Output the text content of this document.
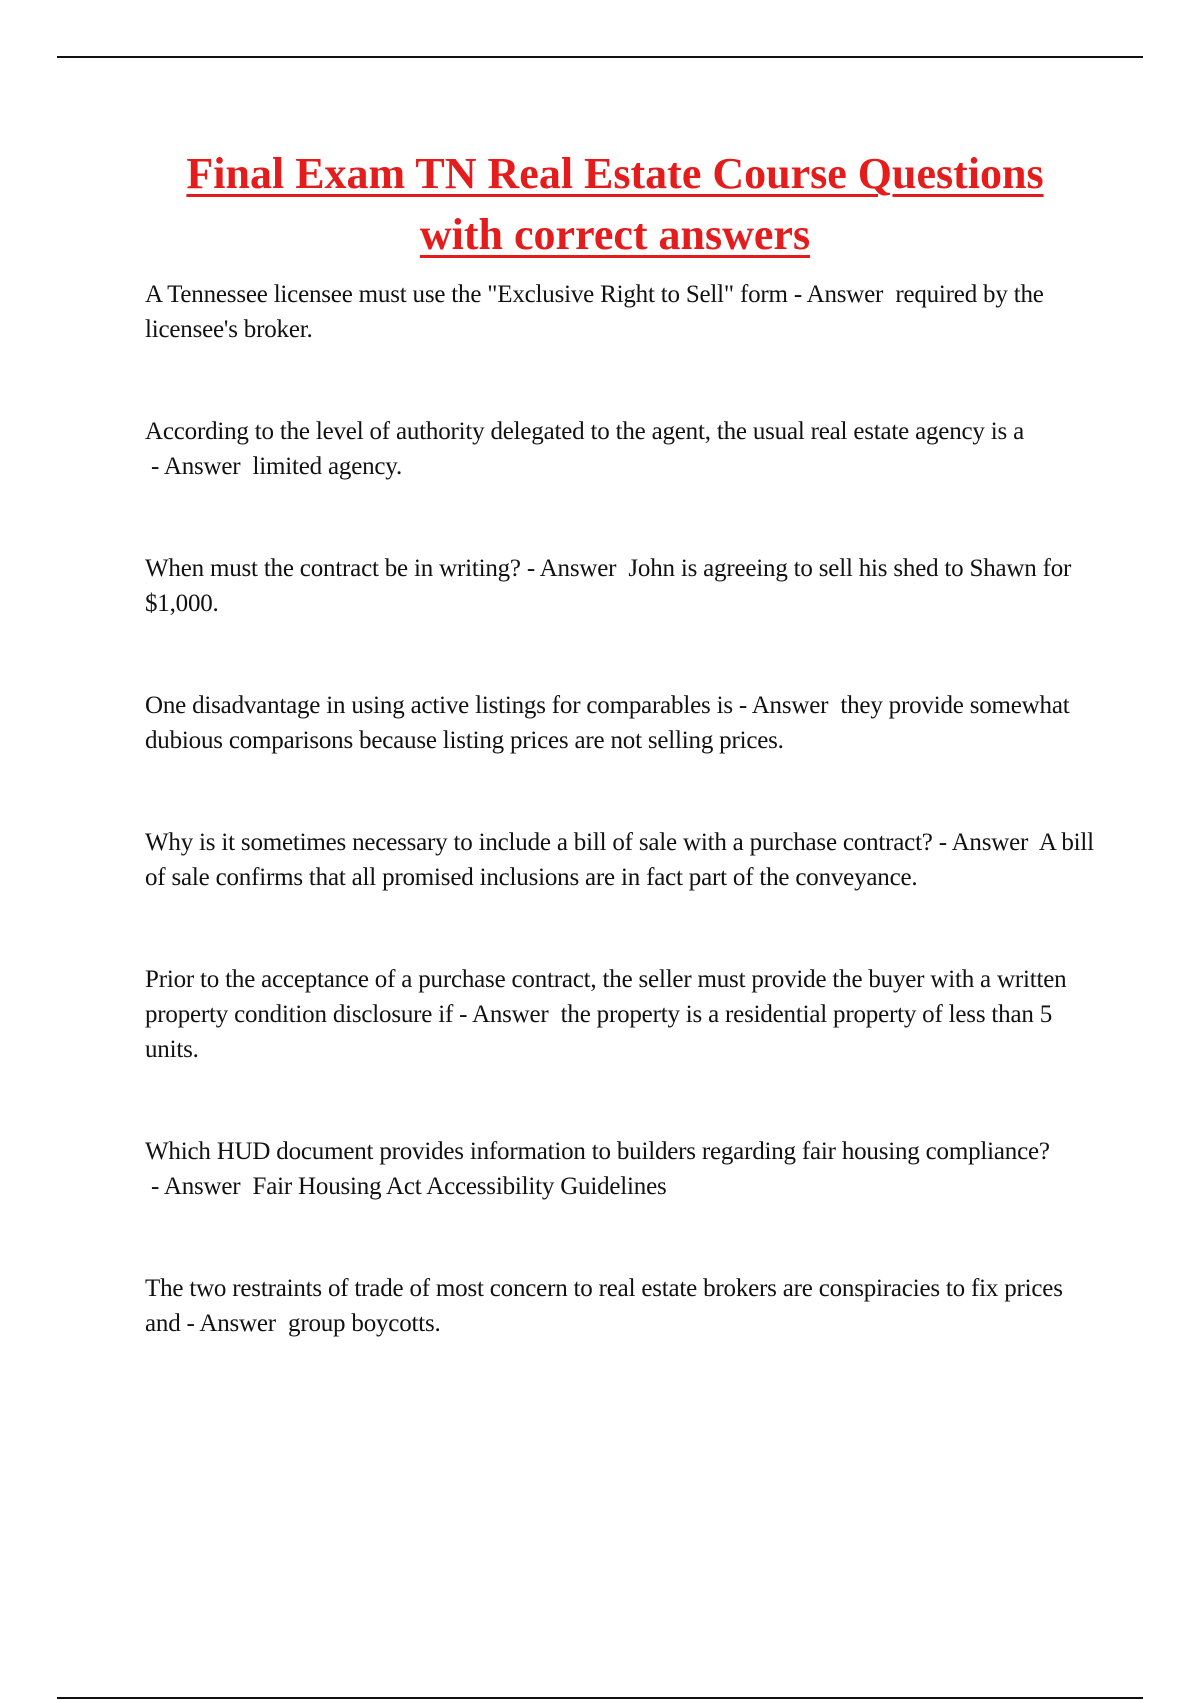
Final Exam TN Real Estate Course Questions with correct answers

A Tennessee licensee must use the "Exclusive Right to Sell" form - Answer  required by the licensee's broker.

According to the level of authority delegated to the agent, the usual real estate agency is a - Answer  limited agency.

When must the contract be in writing? - Answer  John is agreeing to sell his shed to Shawn for $1,000.

One disadvantage in using active listings for comparables is - Answer  they provide somewhat dubious comparisons because listing prices are not selling prices.

Why is it sometimes necessary to include a bill of sale with a purchase contract? - Answer  A bill of sale confirms that all promised inclusions are in fact part of the conveyance.

Prior to the acceptance of a purchase contract, the seller must provide the buyer with a written property condition disclosure if - Answer  the property is a residential property of less than 5 units.

Which HUD document provides information to builders regarding fair housing compliance? - Answer  Fair Housing Act Accessibility Guidelines

The two restraints of trade of most concern to real estate brokers are conspiracies to fix prices and - Answer  group boycotts.
